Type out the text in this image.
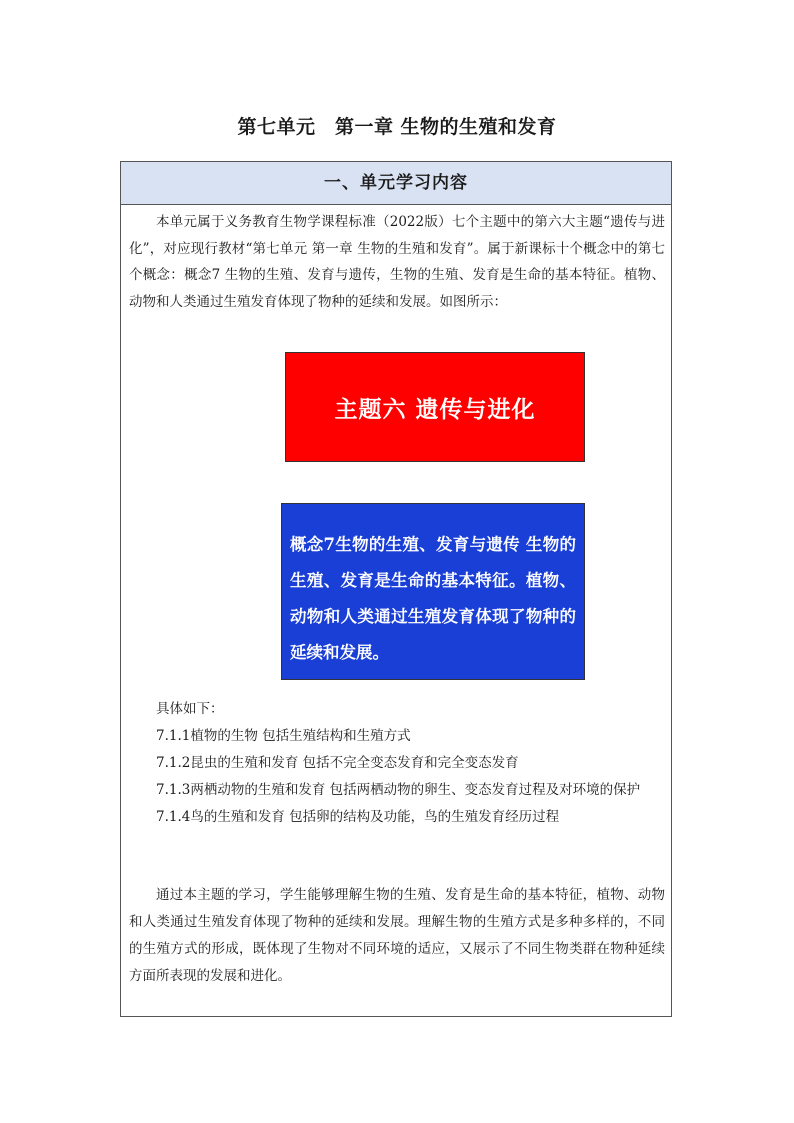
第七单元　第一章 生物的生殖和发育
一、单元学习内容

本单元属于义务教育生物学课程标准（2022版）七个主题中的第六大主题“遗传与进化”，对应现行教材“第七单元 第一章 生物的生殖和发育”。属于新课标十个概念中的第七个概念：概念7 生物的生殖、发育与遗传，生物的生殖、发育是生命的基本特征。植物、动物和人类通过生殖发育体现了物种的延续和发展。如图所示：

主题六 遗传与进化
概念7生物的生殖、发育与遗传 生物的生殖、发育是生命的基本特征。植物、动物和人类通过生殖发育体现了物种的延续和发展。

具体如下：

7.1.1植物的生物 包括生殖结构和生殖方式

7.1.2昆虫的生殖和发育 包括不完全变态发育和完全变态发育

7.1.3两栖动物的生殖和发育 包括两栖动物的卵生、变态发育过程及对环境的保护

7.1.4鸟的生殖和发育 包括卵的结构及功能，鸟的生殖发育经历过程

通过本主题的学习，学生能够理解生物的生殖、发育是生命的基本特征，植物、动物和人类通过生殖发育体现了物种的延续和发展。理解生物的生殖方式是多种多样的，不同的生殖方式的形成，既体现了生物对不同环境的适应，又展示了不同生物类群在物种延续方面所表现的发展和进化。
